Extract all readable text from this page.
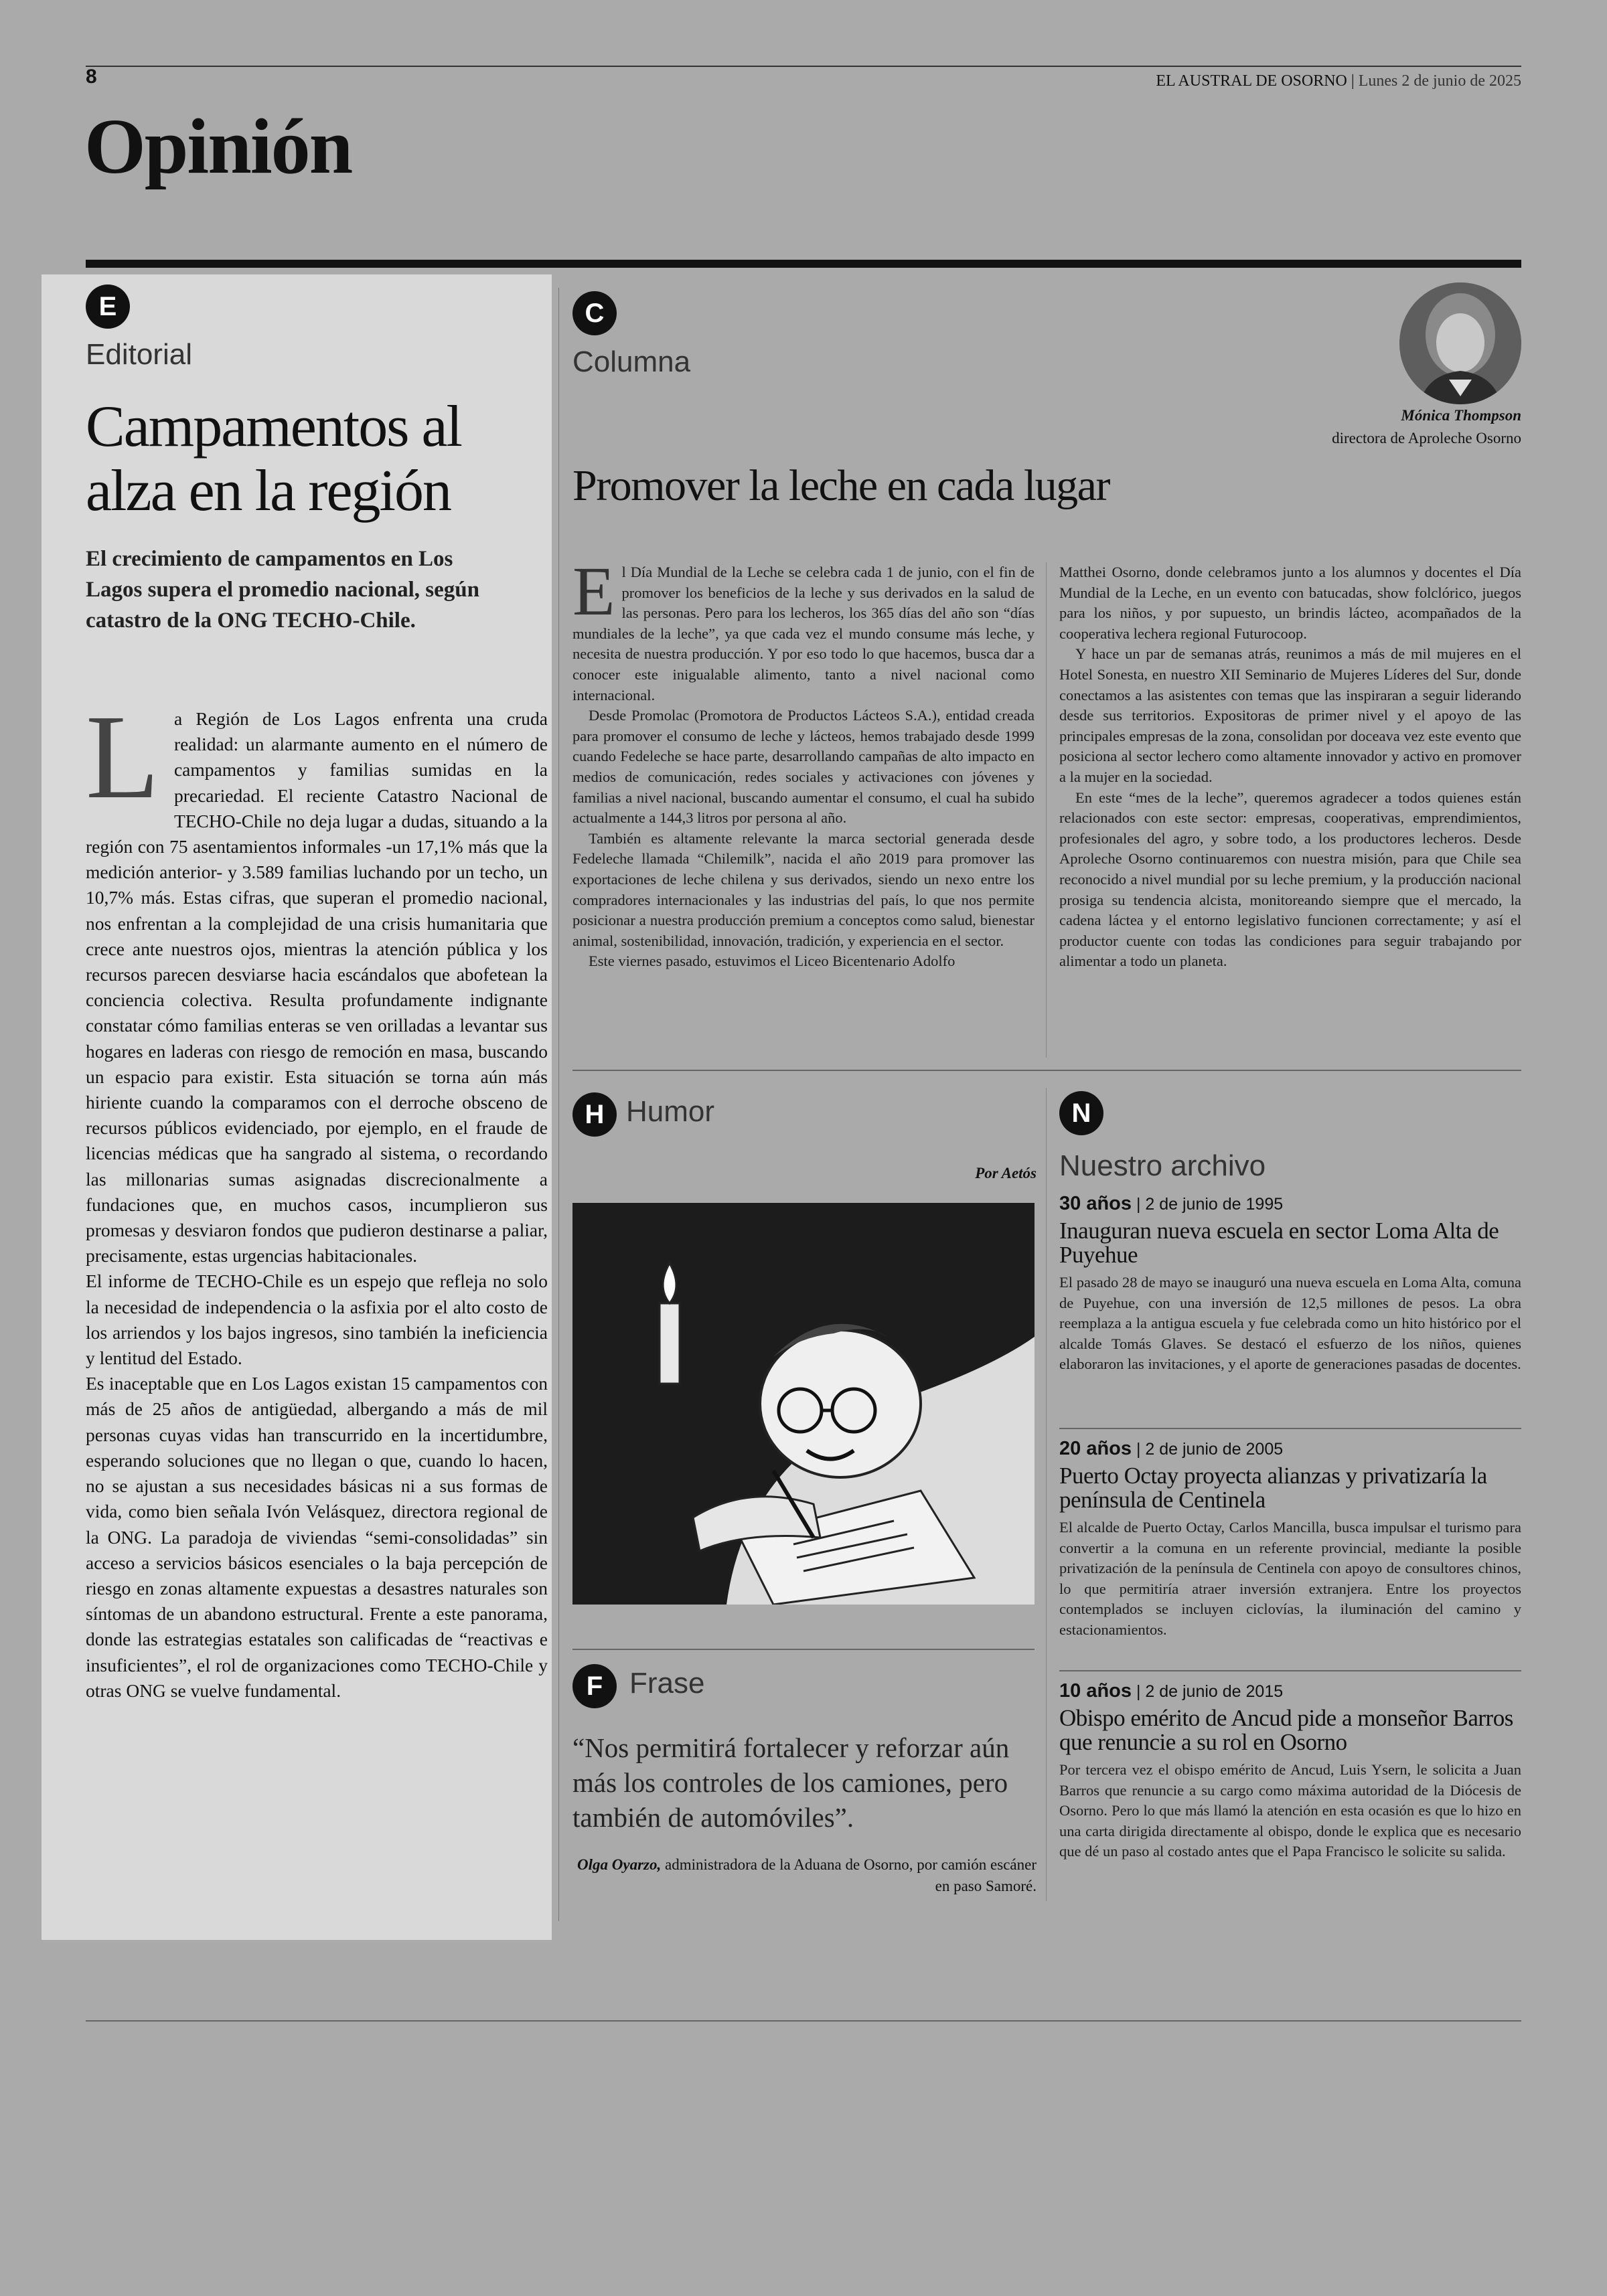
8	EL AUSTRAL DE OSORNO | Lunes 2 de junio de 2025
Opinión
E
Editorial
Campamentos al
alza en la región
El crecimiento de campamentos en Los Lagos supera el promedio nacional, según catastro de la ONG TECHO-Chile.
L a Región de Los Lagos enfrenta una cruda realidad: un alarmante aumento en el número de campamentos y familias sumidas en la precariedad. El reciente Catastro Nacional de TECHO-Chile no deja lugar a dudas, situando a la región con 75 asentamientos informales -un 17,1% más que la medición anterior- y 3.589 familias luchando por un techo, un 10,7% más. Estas cifras, que superan el promedio nacional, nos enfrentan a la complejidad de una crisis humanitaria que crece ante nuestros ojos, mientras la atención pública y los recursos parecen desviarse hacia escándalos que abofetean la conciencia colectiva. Resulta profundamente indignante constatar cómo familias enteras se ven orilladas a levantar sus hogares en laderas con riesgo de remoción en masa, buscando un espacio para existir. Esta situación se torna aún más hiriente cuando la comparamos con el derroche obsceno de recursos públicos evidenciado, por ejemplo, en el fraude de licencias médicas que ha sangrado al sistema, o recordando las millonarias sumas asignadas discrecionalmente a fundaciones que, en muchos casos, incumplieron sus promesas y desviaron fondos que pudieron destinarse a paliar, precisamente, estas urgencias habitacionales.

El informe de TECHO-Chile es un espejo que refleja no solo la necesidad de independencia o la asfixia por el alto costo de los arriendos y los bajos ingresos, sino también la ineficiencia y lentitud del Estado.

Es inaceptable que en Los Lagos existan 15 campamentos con más de 25 años de antigüedad, albergando a más de mil personas cuyas vidas han transcurrido en la incertidumbre, esperando soluciones que no llegan o que, cuando lo hacen, no se ajustan a sus necesidades básicas ni a sus formas de vida, como bien señala Ivón Velásquez, directora regional de la ONG. La paradoja de viviendas “semi-consolidadas” sin acceso a servicios básicos esenciales o la baja percepción de riesgo en zonas altamente expuestas a desastres naturales son síntomas de un abandono estructural. Frente a este panorama, donde las estrategias estatales son calificadas de “reactivas e insuficientes”, el rol de organizaciones como TECHO-Chile y otras ONG se vuelve fundamental.

C
Columna
Mónica Thompson
directora de Aproleche Osorno
Promover la leche en cada lugar
E l Día Mundial de la Leche se celebra cada 1 de junio, con el fin de promover los beneficios de la leche y sus derivados en la salud de las personas. Pero para los lecheros, los 365 días del año son “días mundiales de la leche”, ya que cada vez el mundo consume más leche, y necesita de nuestra producción. Y por eso todo lo que hacemos, busca dar a conocer este inigualable alimento, tanto a nivel nacional como internacional.

Desde Promolac (Promotora de Productos Lácteos S.A.), entidad creada para promover el consumo de leche y lácteos, hemos trabajado desde 1999 cuando Fedeleche se hace parte, desarrollando campañas de alto impacto en medios de comunicación, redes sociales y activaciones con jóvenes y familias a nivel nacional, buscando aumentar el consumo, el cual ha subido actualmente a 144,3 litros por persona al año.

También es altamente relevante la marca sectorial generada desde Fedeleche llamada “Chilemilk”, nacida el año 2019 para promover las exportaciones de leche chilena y sus derivados, siendo un nexo entre los compradores internacionales y las industrias del país, lo que nos permite posicionar a nuestra producción premium a conceptos como salud, bienestar animal, sostenibilidad, innovación, tradición, y experiencia en el sector.

Este viernes pasado, estuvimos el Liceo Bicentenario Adolfo

Matthei Osorno, donde celebramos junto a los alumnos y docentes el Día Mundial de la Leche, en un evento con batucadas, show folclórico, juegos para los niños, y por supuesto, un brindis lácteo, acompañados de la cooperativa lechera regional Futurocoop.

Y hace un par de semanas atrás, reunimos a más de mil mujeres en el Hotel Sonesta, en nuestro XII Seminario de Mujeres Líderes del Sur, donde conectamos a las asistentes con temas que las inspiraran a seguir liderando desde sus territorios. Expositoras de primer nivel y el apoyo de las principales empresas de la zona, consolidan por doceava vez este evento que posiciona al sector lechero como altamente innovador y activo en promover a la mujer en la sociedad.

En este “mes de la leche”, queremos agradecer a todos quienes están relacionados con este sector: empresas, cooperativas, emprendimientos, profesionales del agro, y sobre todo, a los productores lecheros. Desde Aproleche Osorno continuaremos con nuestra misión, para que Chile sea reconocido a nivel mundial por su leche premium, y la producción nacional prosiga su tendencia alcista, monitoreando siempre que el mercado, la cadena láctea y el entorno legislativo funcionen correctamente; y así el productor cuente con todas las condiciones para seguir trabajando por alimentar a todo un planeta.

H Humor
Por Aetós
F Frase
“Nos permitirá fortalecer y reforzar aún más los controles de los camiones, pero también de automóviles”.
Olga Oyarzo, administradora de la Aduana de Osorno, por camión escáner en paso Samoré.
N
Nuestro archivo
30 años | 2 de junio de 1995
Inauguran nueva escuela en sector Loma Alta de Puyehue
El pasado 28 de mayo se inauguró una nueva escuela en Loma Alta, comuna de Puyehue, con una inversión de 12,5 millones de pesos. La obra reemplaza a la antigua escuela y fue celebrada como un hito histórico por el alcalde Tomás Glaves. Se destacó el esfuerzo de los niños, quienes elaboraron las invitaciones, y el aporte de generaciones pasadas de docentes.
20 años | 2 de junio de 2005
Puerto Octay proyecta alianzas y privatizaría la península de Centinela
El alcalde de Puerto Octay, Carlos Mancilla, busca impulsar el turismo para convertir a la comuna en un referente provincial, mediante la posible privatización de la península de Centinela con apoyo de consultores chinos, lo que permitiría atraer inversión extranjera. Entre los proyectos contemplados se incluyen ciclovías, la iluminación del camino y estacionamientos.
10 años | 2 de junio de 2015
Obispo emérito de Ancud pide a monseñor Barros que renuncie a su rol en Osorno
Por tercera vez el obispo emérito de Ancud, Luis Ysern, le solicita a Juan Barros que renuncie a su cargo como máxima autoridad de la Diócesis de Osorno. Pero lo que más llamó la atención en esta ocasión es que lo hizo en una carta dirigida directamente al obispo, donde le explica que es necesario que dé un paso al costado antes que el Papa Francisco le solicite su salida.
